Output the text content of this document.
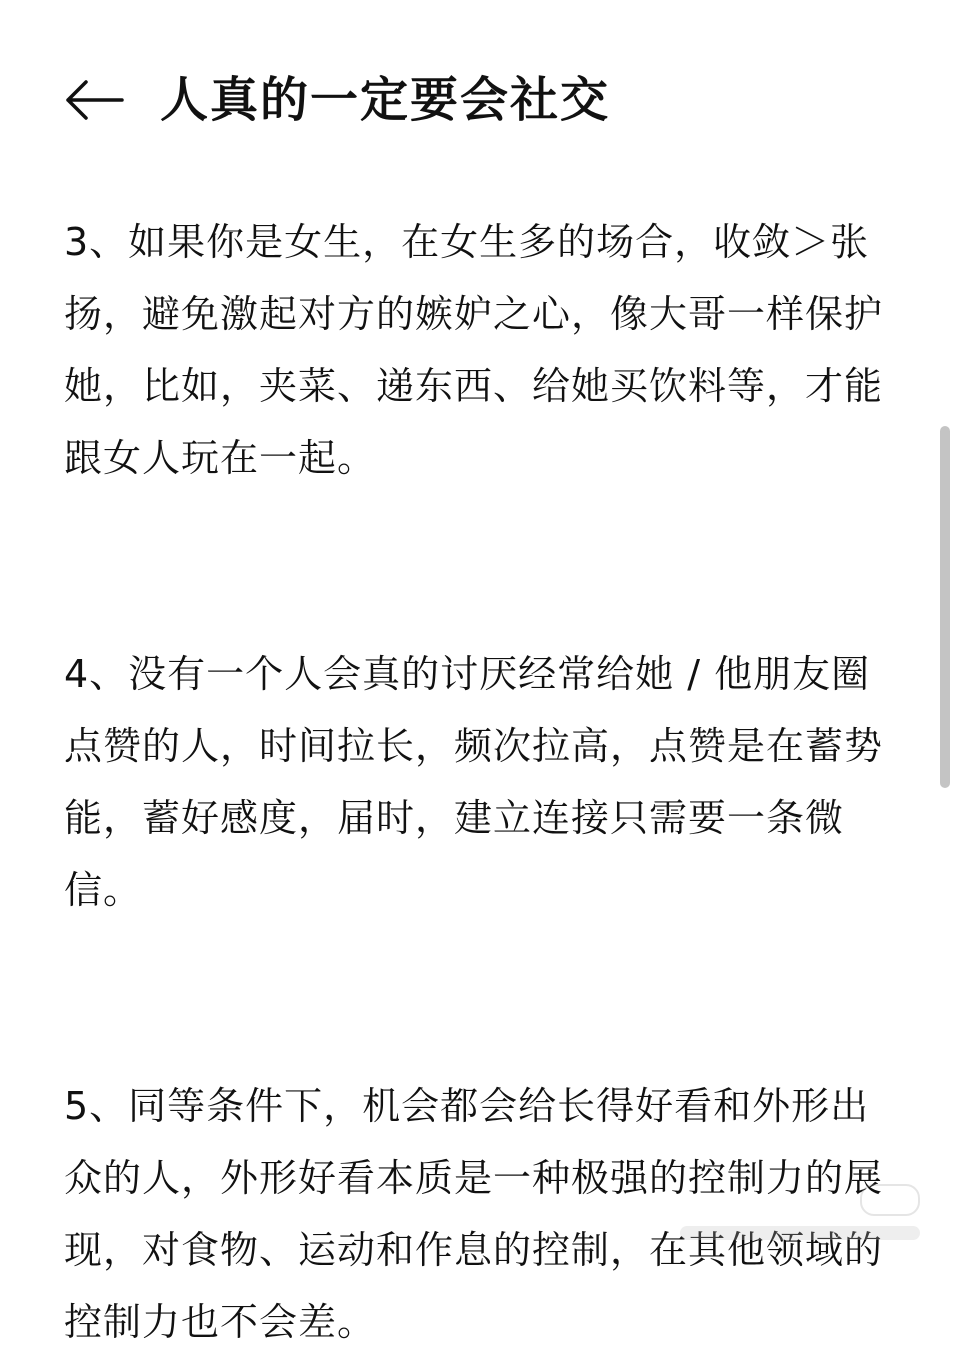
人真的一定要会社交

3、如果你是女生，在女生多的场合，收敛＞张扬，避免激起对方的嫉妒之心，像大哥一样保护她，比如，夹菜、递东西、给她买饮料等，才能跟女人玩在一起。

4、没有一个人会真的讨厌经常给她 / 他朋友圈点赞的人，时间拉长，频次拉高，点赞是在蓄势能，蓄好感度，届时，建立连接只需要一条微信。

5、同等条件下，机会都会给长得好看和外形出众的人，外形好看本质是一种极强的控制力的展现，对食物、运动和作息的控制，在其他领域的控制力也不会差。
